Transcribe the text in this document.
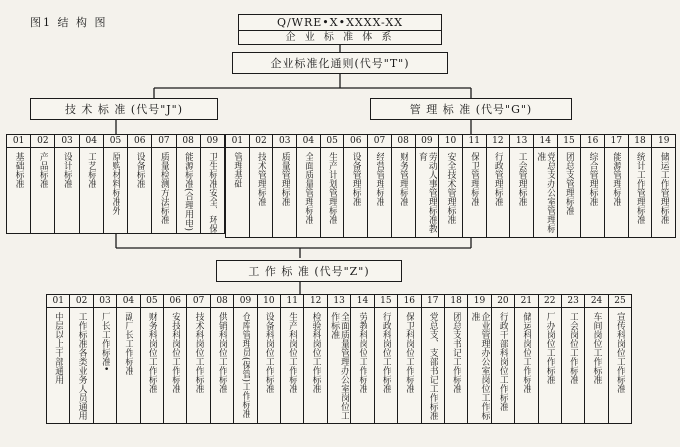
图1 结 构 图	Q/WRE•X•XXXX-XX
企 业 标 准 体 系
企业标准化通则(代号"T")
技 术 标 准 (代号"J")	管 理 标 准 (代号"G")
01
基础标准
02
产品标准
03
设计标准
04
工艺标准
05
原购材料标准外
06
设备标准
07
质量检测方法标准
08
能源标准(合理用电)
09
卫生标准安全、环保
01
管理基础
02
技术管理标准
03
质量管理标准
04
全面质量管理标准
05
生产计划管理标准
06
设备管理标准
07
经营管理标准
08
财务管理标准
09
劳动人事管理标准教育
10
安全技术管理标准
11
保卫管理标准
12
行政管理标准
13
工会管理标准
14
党总支办公室管理标准
15
团总支管理标准
16
综合管理标准
17
能源管理标准
18
统计工作管理标准
19
储运工作管理标准
工 作 标 准 (代号"Z")
01
中层以上干部通用
02
工作标准各类业务人员通用
03
厂长工作标准•
04
副厂长工作标准
05
财务科岗位工作标准
06
安技科岗位工作标准
07
技术科岗位工作标准
08
供销科岗位工作标准
09
仓库管理员(保管)工作标准
10
设备科岗位工作标准
11
生产科岗位工作标准
12
检验科岗位工作标准
13
全面质量管理办公室岗位工作标准
14
劳教科岗位工作标准
15
行政科岗位工作标准
16
保卫科岗位工作标准
17
党总支、支部书记工作标准
18
团总支书记工作标准
19
企业管理办公室岗位工作标准
20
行政干部科岗位工作标准
21
储运科岗位工作标准
22
厂办岗位工作标准
23
工会岗位工作标准
24
车间岗位工作标准
25
宣传科岗位工作标准
